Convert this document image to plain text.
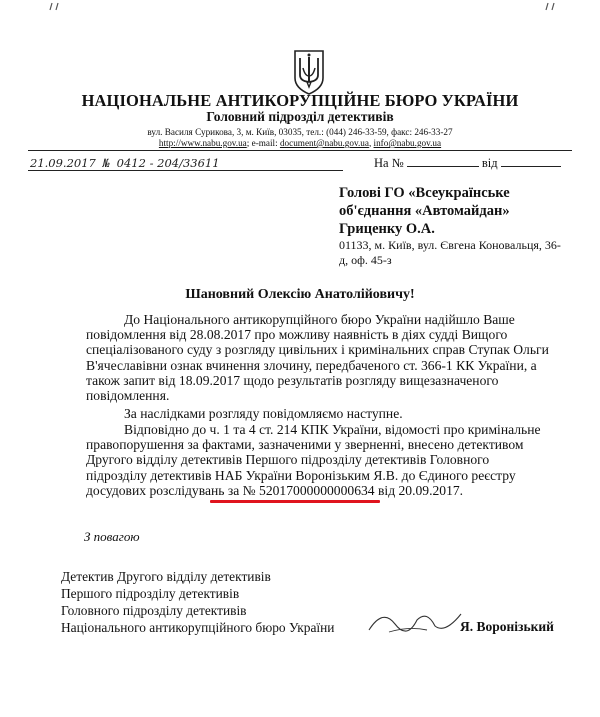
НАЦІОНАЛЬНЕ АНТИКОРУПЦІЙНЕ БЮРО УКРАЇНИ
Головний підрозділ детективів
вул. Василя Сурикова, 3, м. Київ, 03035, тел.: (044) 246-33-59, факс: 246-33-27
http://www.nabu.gov.ua; e-mail: document@nabu.gov.ua, info@nabu.gov.ua
21.09.2017 № 0412 - 204/33611	На №	від
Голові ГО «Всеукраїнське
об'єднання «Автомайдан»
Гриценку О.А.
01133, м. Київ, вул. Євгена Коновальця, 36-
д, оф. 45-з
Шановний Олексію Анатолійовичу!

До Національного антикорупційного бюро України надійшло Ваше

повідомлення від 28.08.2017 про можливу наявність в діях судді Вищого

спеціалізованого суду з розгляду цивільних і кримінальних справ Ступак Ольги

В'ячеславівни ознак вчинення злочину, передбаченого ст. 366-1 КК України, а

також запит від 18.09.2017 щодо результатів розгляду вищезазначеного

повідомлення.

За наслідками розгляду повідомляємо наступне.

Відповідно до ч. 1 та 4 ст. 214 КПК України, відомості про кримінальне

правопорушення за фактами, зазначеними у зверненні, внесено детективом

Другого відділу детективів Першого підрозділу детективів Головного

підрозділу детективів НАБ України Воронізьким Я.В. до Єдиного реєстру

досудових розслідувань за № 52017000000000634 від 20.09.2017.

З повагою
Детектив Другого відділу детективів
Першого підрозділу детективів
Головного підрозділу детективів
Національного антикорупційного бюро України	Я. Воронізький
